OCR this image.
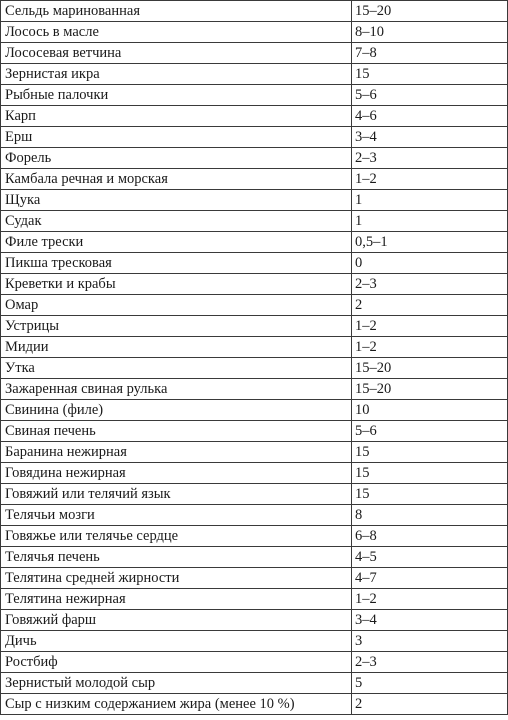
Сельдь маринованная	15–20
Лосось в масле	8–10
Лососевая ветчина	7–8
Зернистая икра	15
Рыбные палочки	5–6
Карп	4–6
Ерш	3–4
Форель	2–3
Камбала речная и морская	1–2
Щука	1
Судак	1
Филе трески	0,5–1
Пикша тресковая	0
Креветки и крабы	2–3
Омар	2
Устрицы	1–2
Мидии	1–2
Утка	15–20
Зажаренная свиная рулька	15–20
Свинина (филе)	10
Свиная печень	5–6
Баранина нежирная	15
Говядина нежирная	15
Говяжий или телячий язык	15
Телячьи мозги	8
Говяжье или телячье сердце	6–8
Телячья печень	4–5
Телятина средней жирности	4–7
Телятина нежирная	1–2
Говяжий фарш	3–4
Дичь	3
Ростбиф	2–3
Зернистый молодой сыр	5
Сыр с низким содержанием жира (менее 10 %)	2
